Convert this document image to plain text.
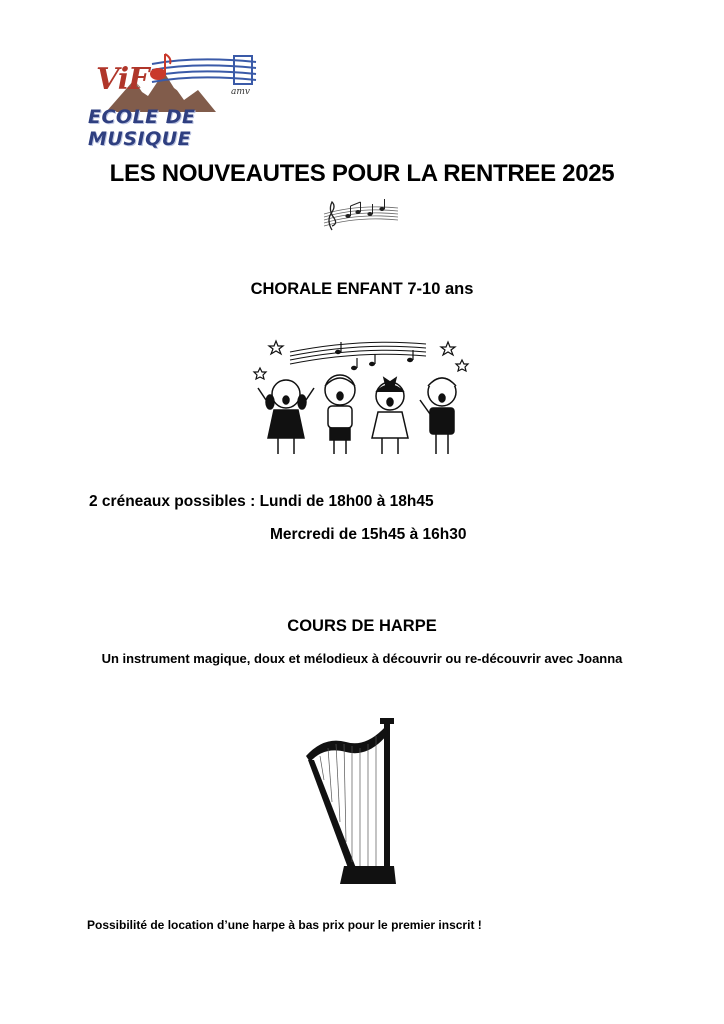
ViF	amv
ECOLE DE MUSIQUE
LES NOUVEAUTES POUR LA RENTREE 2025
CHORALE ENFANT 7-10 ans
2 créneaux possibles : Lundi de 18h00 à 18h45
Mercredi de 15h45 à 16h30
COURS DE HARPE
Un instrument magique, doux et mélodieux à découvrir ou re-découvrir avec Joanna
Possibilité de location d’une harpe à bas prix pour le premier inscrit !
